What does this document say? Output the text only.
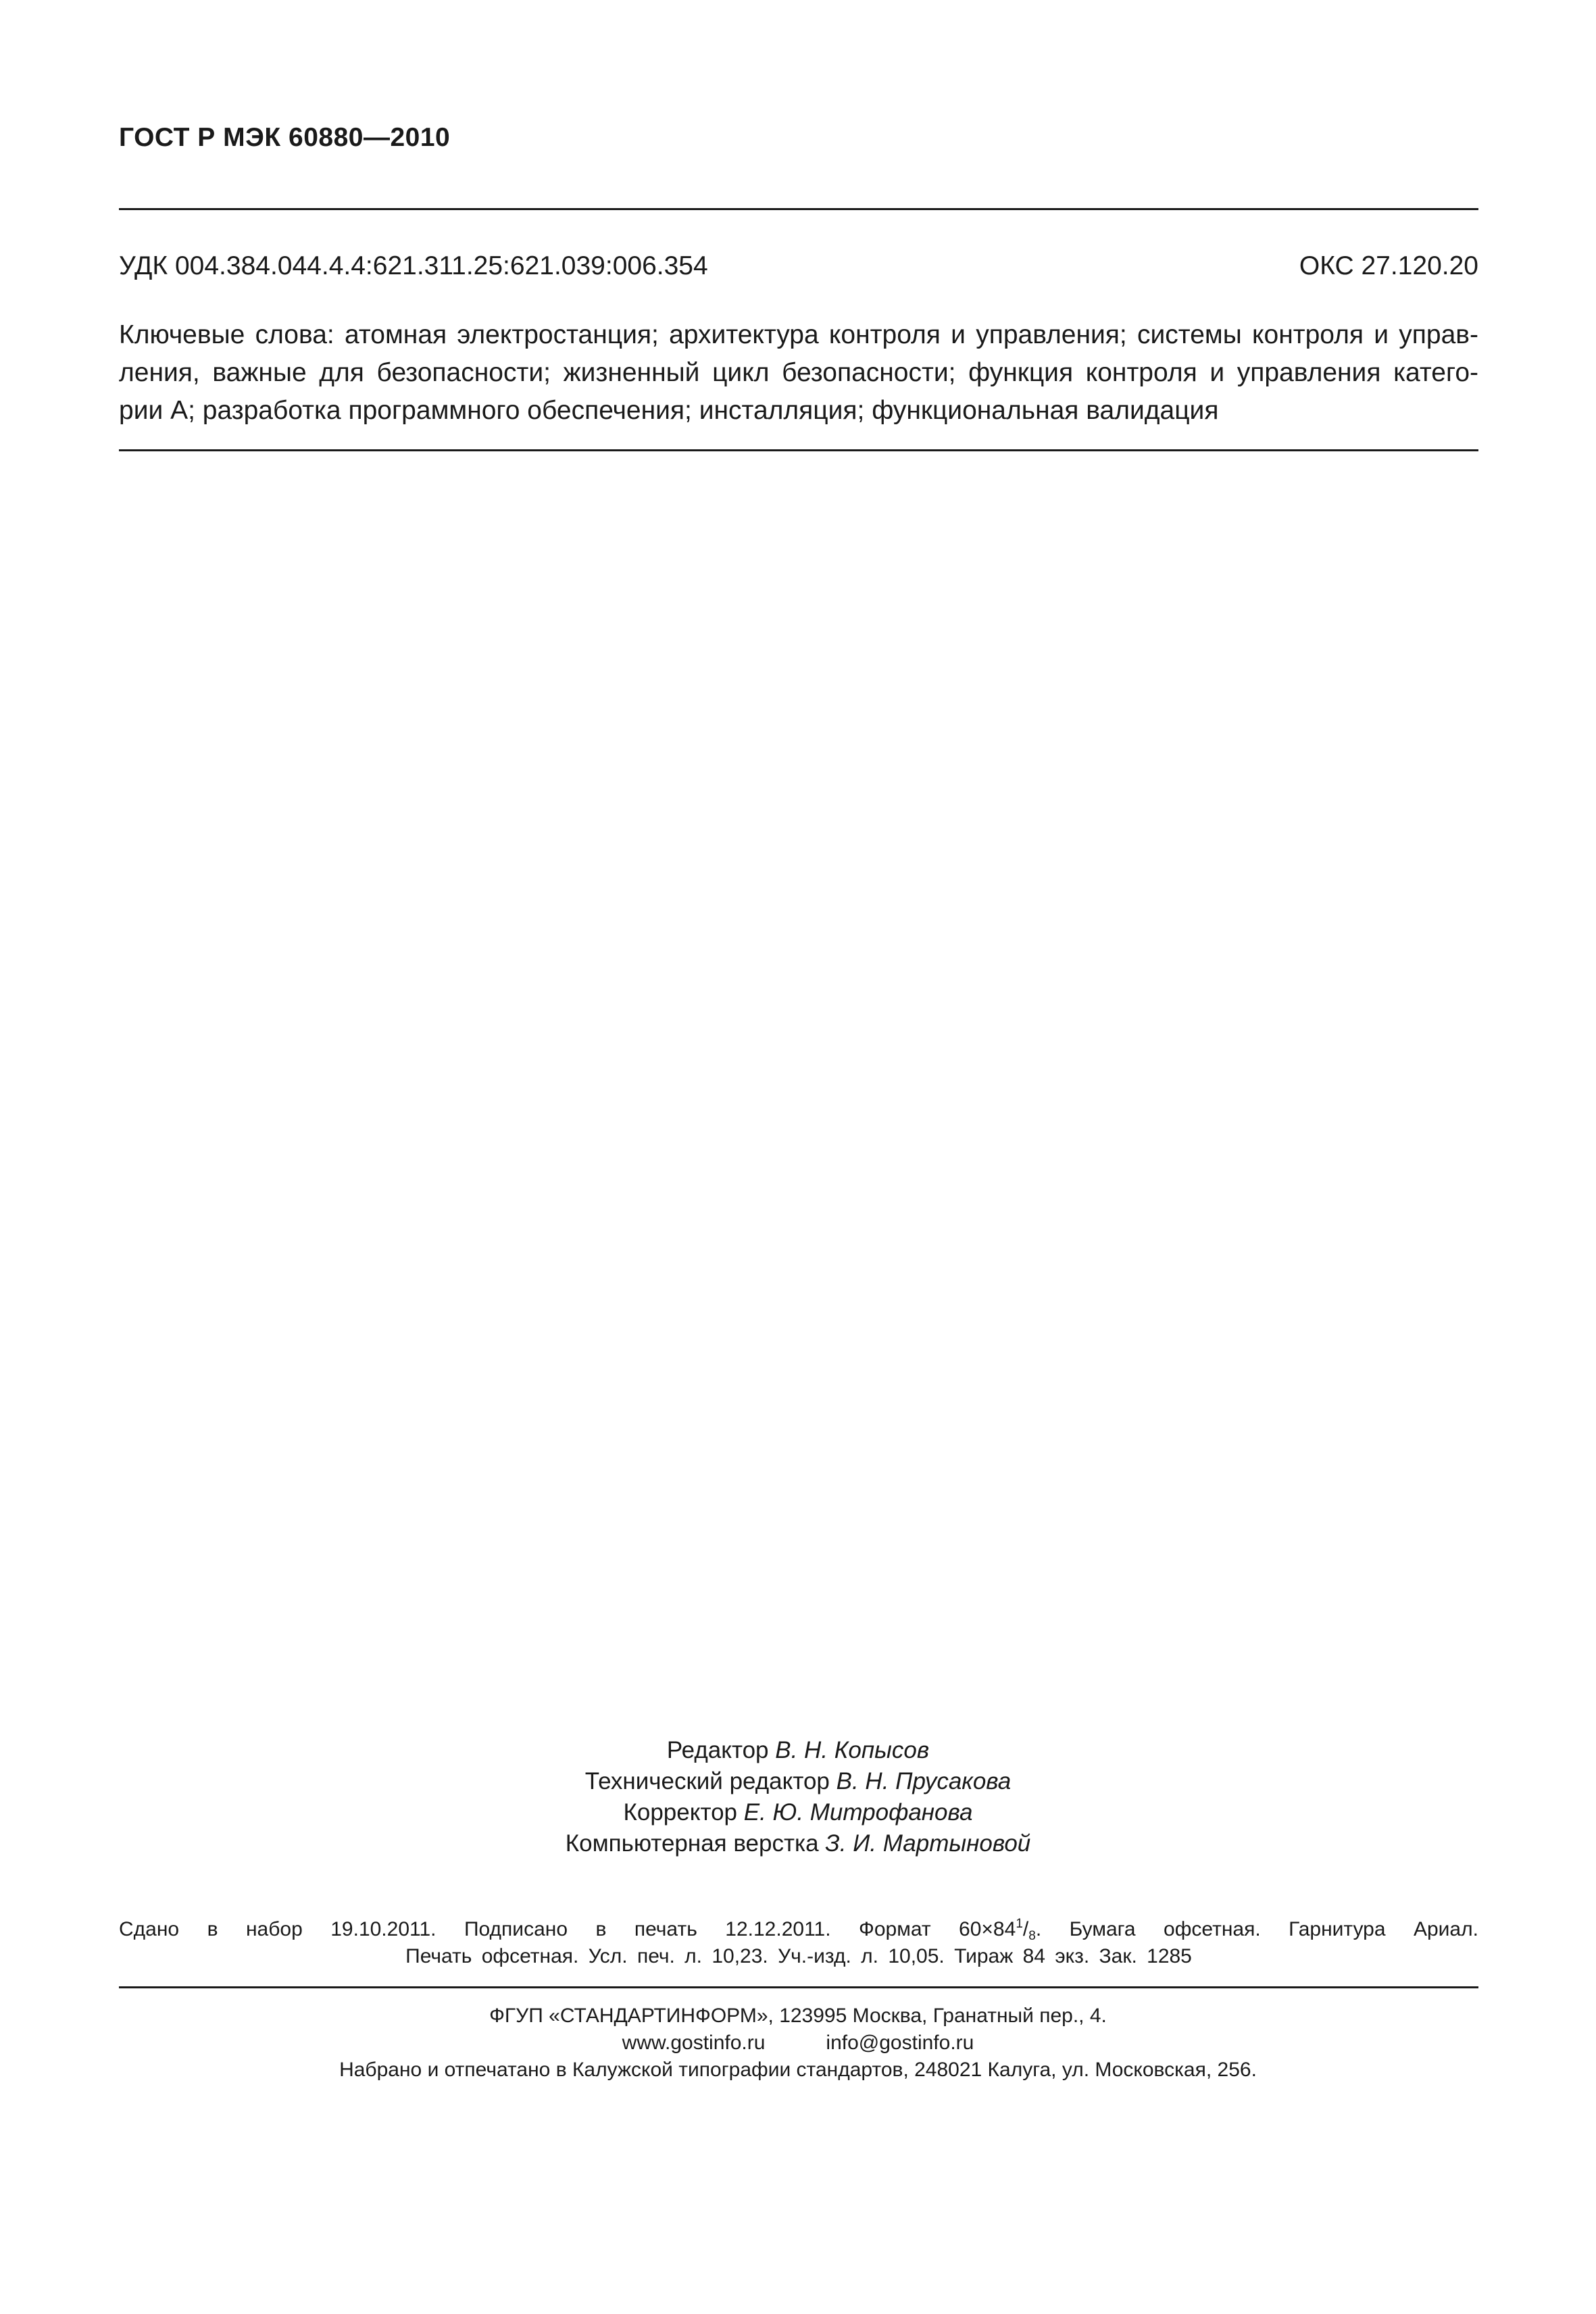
ГОСТ Р МЭК 60880—2010
УДК 004.384.044.4.4:621.311.25:621.039:006.354	ОКС 27.120.20
Ключевые слова: атомная электростанция; архитектура контроля и управления; системы контроля и управ-
ления, важные для безопасности; жизненный цикл безопасности; функция контроля и управления катего-
рии А; разработка программного обеспечения; инсталляция; функциональная валидация
Редактор В. Н. Копысов
Технический редактор В. Н. Прусакова
Корректор Е. Ю. Митрофанова
Компьютерная верстка З. И. Мартыновой
Сдано в набор 19.10.2011. Подписано в печать 12.12.2011. Формат $60\times 84^1/_8$. Бумага офсетная. Гарнитура Ариал.
Печать офсетная. Усл. печ. л. 10,23. Уч.-изд. л. 10,05. Тираж 84 экз. Зак. 1285
ФГУП «СТАНДАРТИНФОРМ», 123995 Москва, Гранатный пер., 4.
www.gostinfo.ru	info@gostinfo.ru
Набрано и отпечатано в Калужской типографии стандартов, 248021 Калуга, ул. Московская, 256.
